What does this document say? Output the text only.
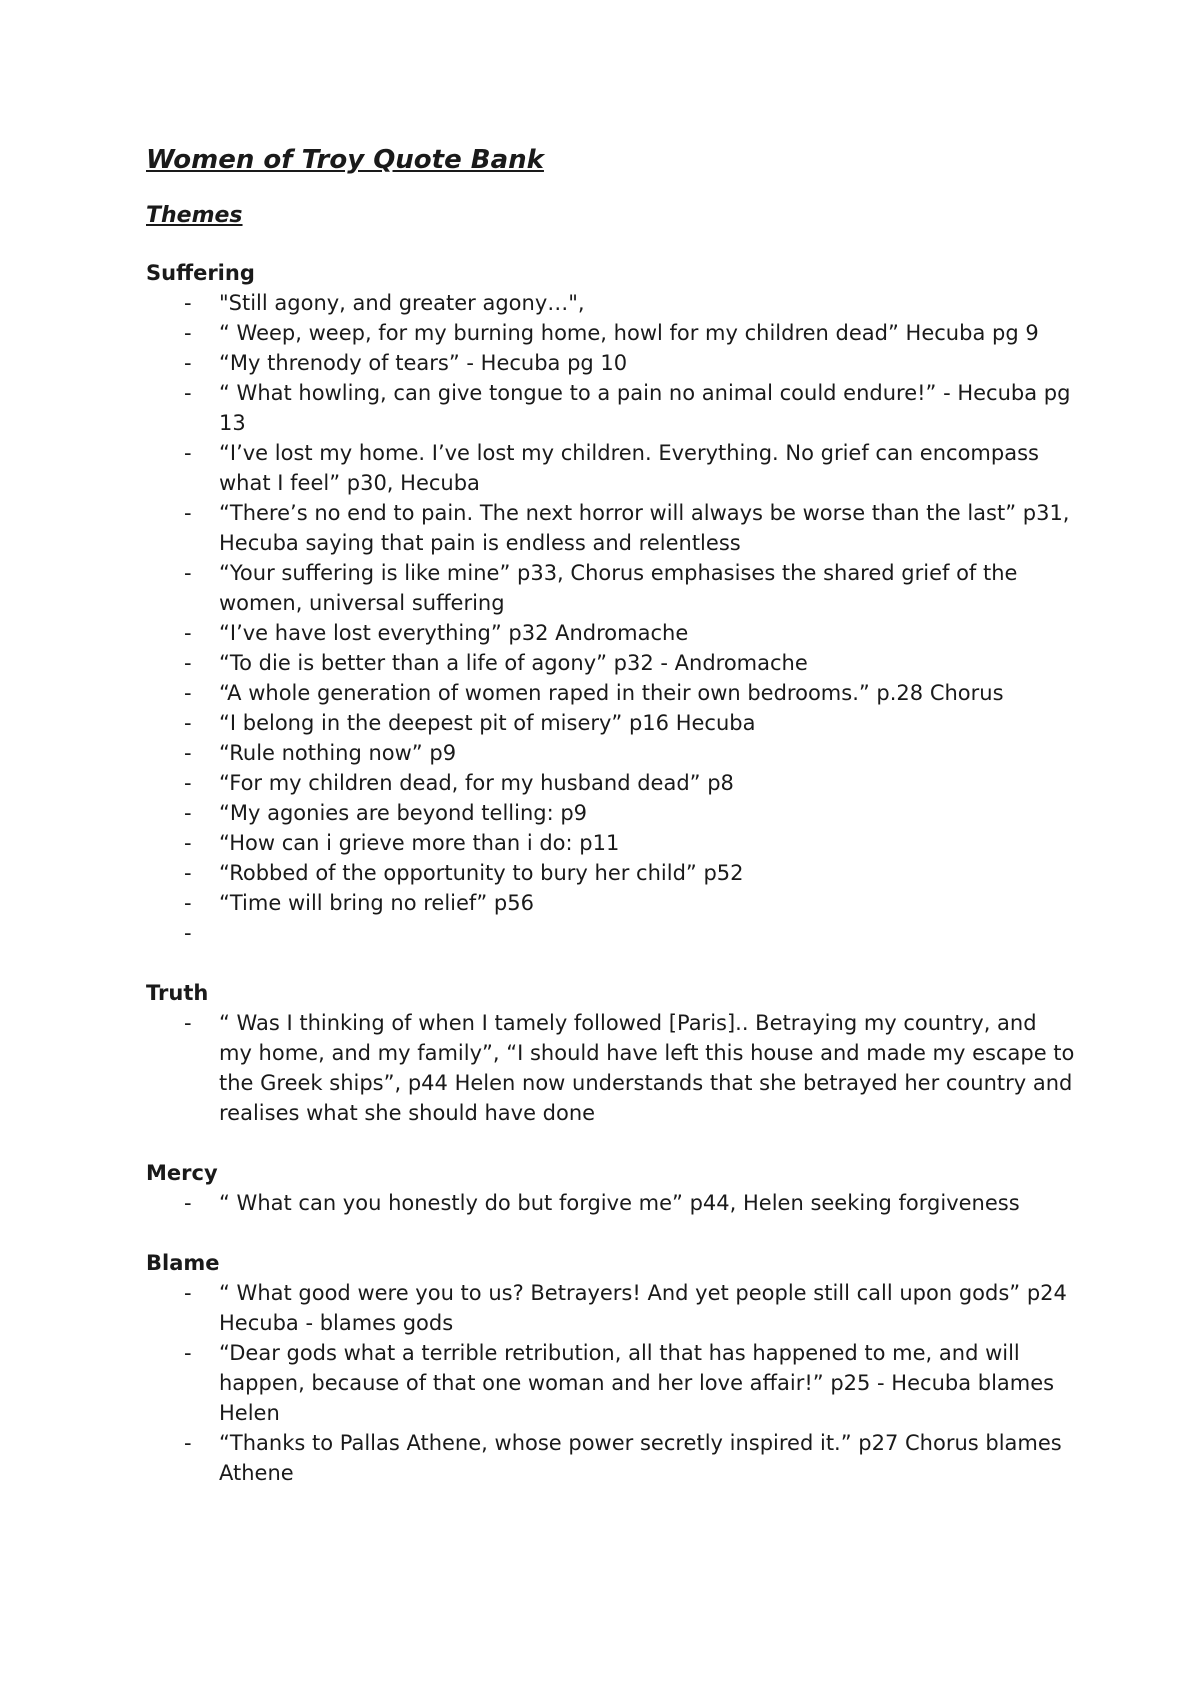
Women of Troy Quote Bank
Themes
Suffering
- "Still agony, and greater agony…",
- “ Weep, weep, for my burning home, howl for my children dead” Hecuba pg 9
- “My threnody of tears” - Hecuba pg 10
- “ What howling, can give tongue to a pain no animal could endure!” - Hecuba pg 13
- “I’ve lost my home. I’ve lost my children. Everything. No grief can encompass what I feel” p30, Hecuba
- “There’s no end to pain. The next horror will always be worse than the last” p31, Hecuba saying that pain is endless and relentless
- “Your suffering is like mine” p33, Chorus emphasises the shared grief of the women, universal suffering
- “I’ve have lost everything” p32 Andromache
- “To die is better than a life of agony” p32 - Andromache
- “A whole generation of women raped in their own bedrooms.” p.28 Chorus
- “I belong in the deepest pit of misery” p16 Hecuba
- “Rule nothing now” p9
- “For my children dead, for my husband dead” p8
- “My agonies are beyond telling: p9
- “How can i grieve more than i do: p11
- “Robbed of the opportunity to bury her child” p52
- “Time will bring no relief” p56
-

Truth
- “ Was I thinking of when I tamely followed [Paris].. Betraying my country, and my home, and my family”, “I should have left this house and made my escape to the Greek ships”, p44 Helen now understands that she betrayed her country and realises what she should have done
Mercy
- “ What can you honestly do but forgive me” p44, Helen seeking forgiveness
Blame
- “ What good were you to us? Betrayers! And yet people still call upon gods” p24 Hecuba - blames gods
- “Dear gods what a terrible retribution, all that has happened to me, and will happen, because of that one woman and her love affair!” p25 - Hecuba blames Helen
- “Thanks to Pallas Athene, whose power secretly inspired it.” p27 Chorus blames Athene
